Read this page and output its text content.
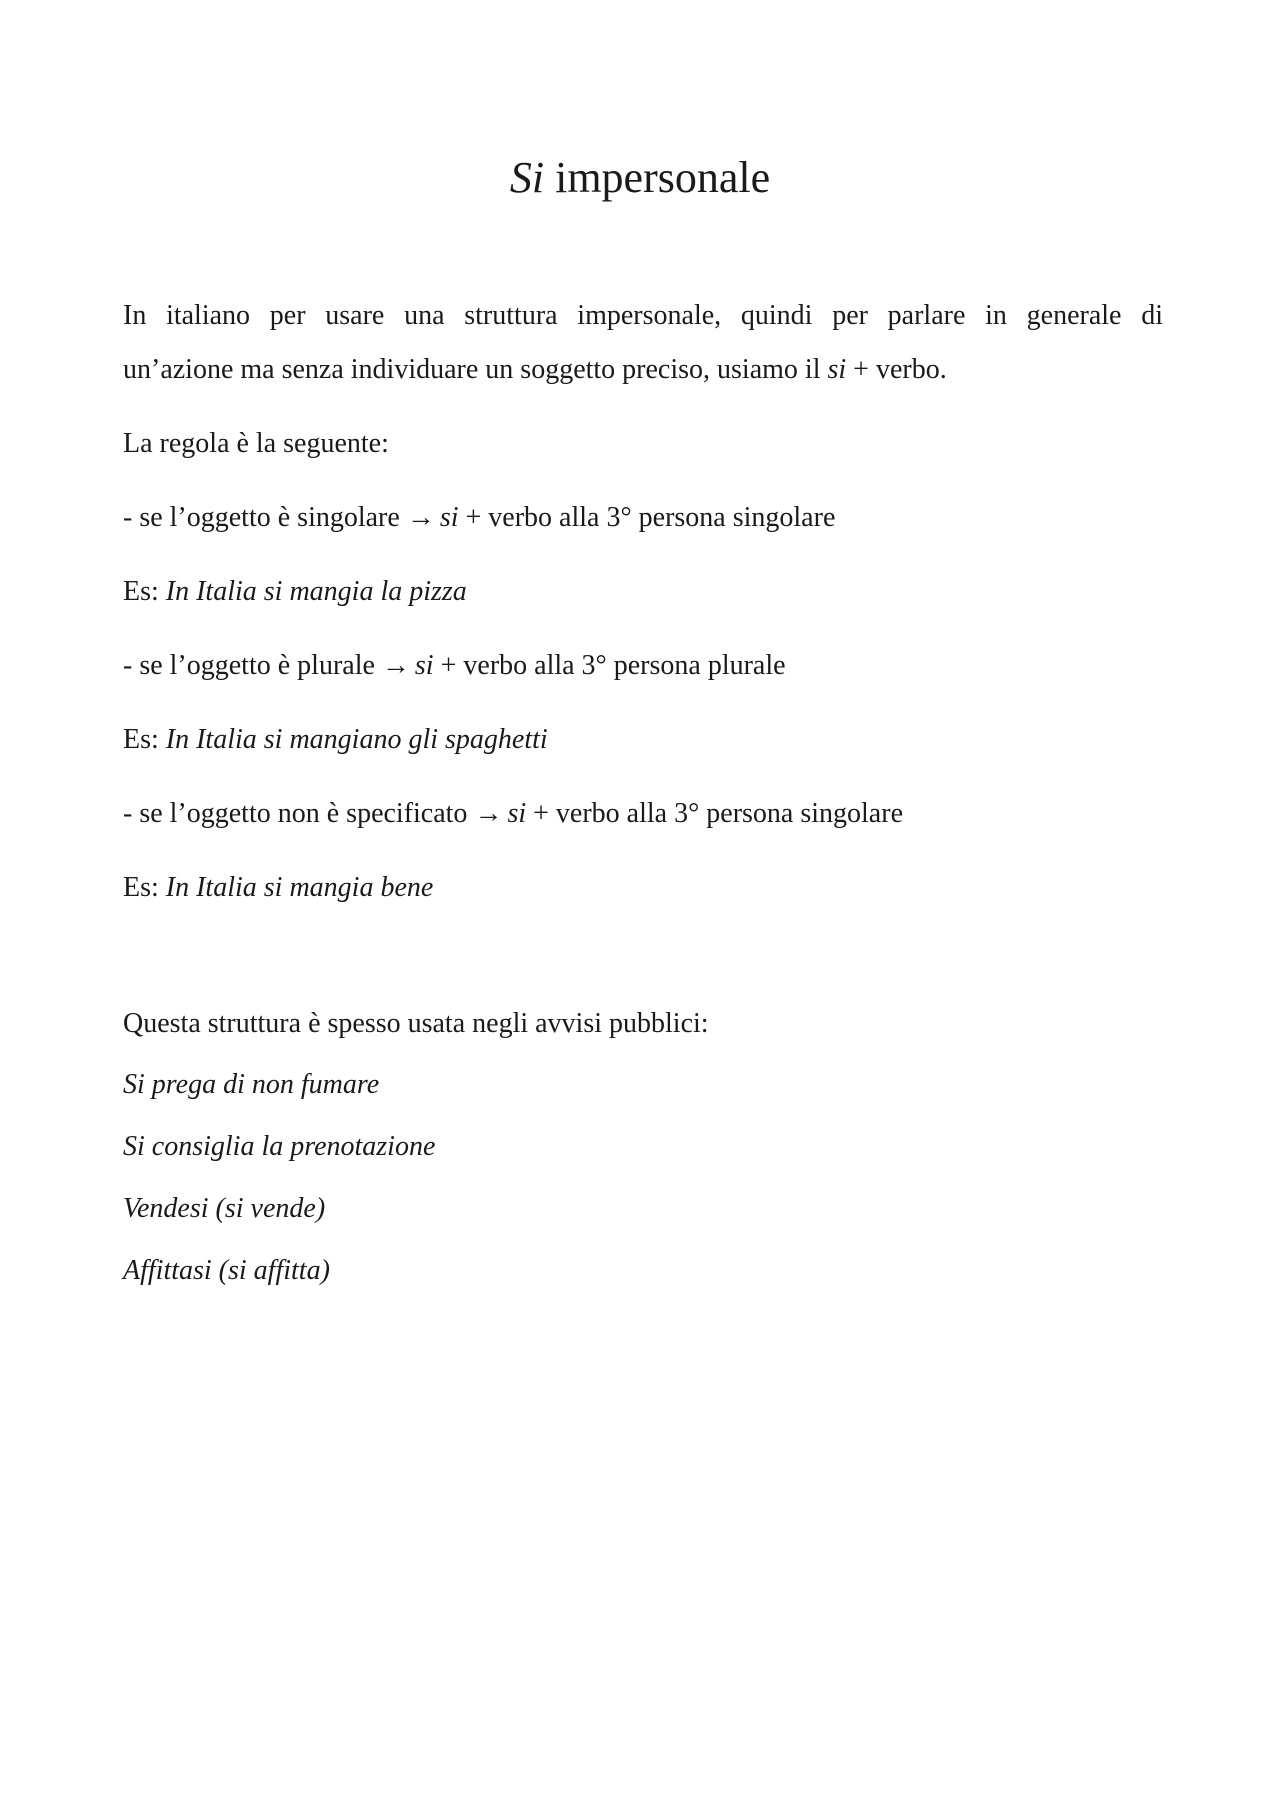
Si impersonale
In italiano per usare una struttura impersonale, quindi per parlare in generale di
un’azione ma senza individuare un soggetto preciso, usiamo il si + verbo.
La regola è la seguente:
- se l’oggetto è singolare → si + verbo alla 3° persona singolare
Es: In Italia si mangia la pizza
- se l’oggetto è plurale → si + verbo alla 3° persona plurale
Es: In Italia si mangiano gli spaghetti
- se l’oggetto non è specificato → si + verbo alla 3° persona singolare
Es: In Italia si mangia bene
Questa struttura è spesso usata negli avvisi pubblici:
Si prega di non fumare
Si consiglia la prenotazione
Vendesi (si vende)
Affittasi (si affitta)
